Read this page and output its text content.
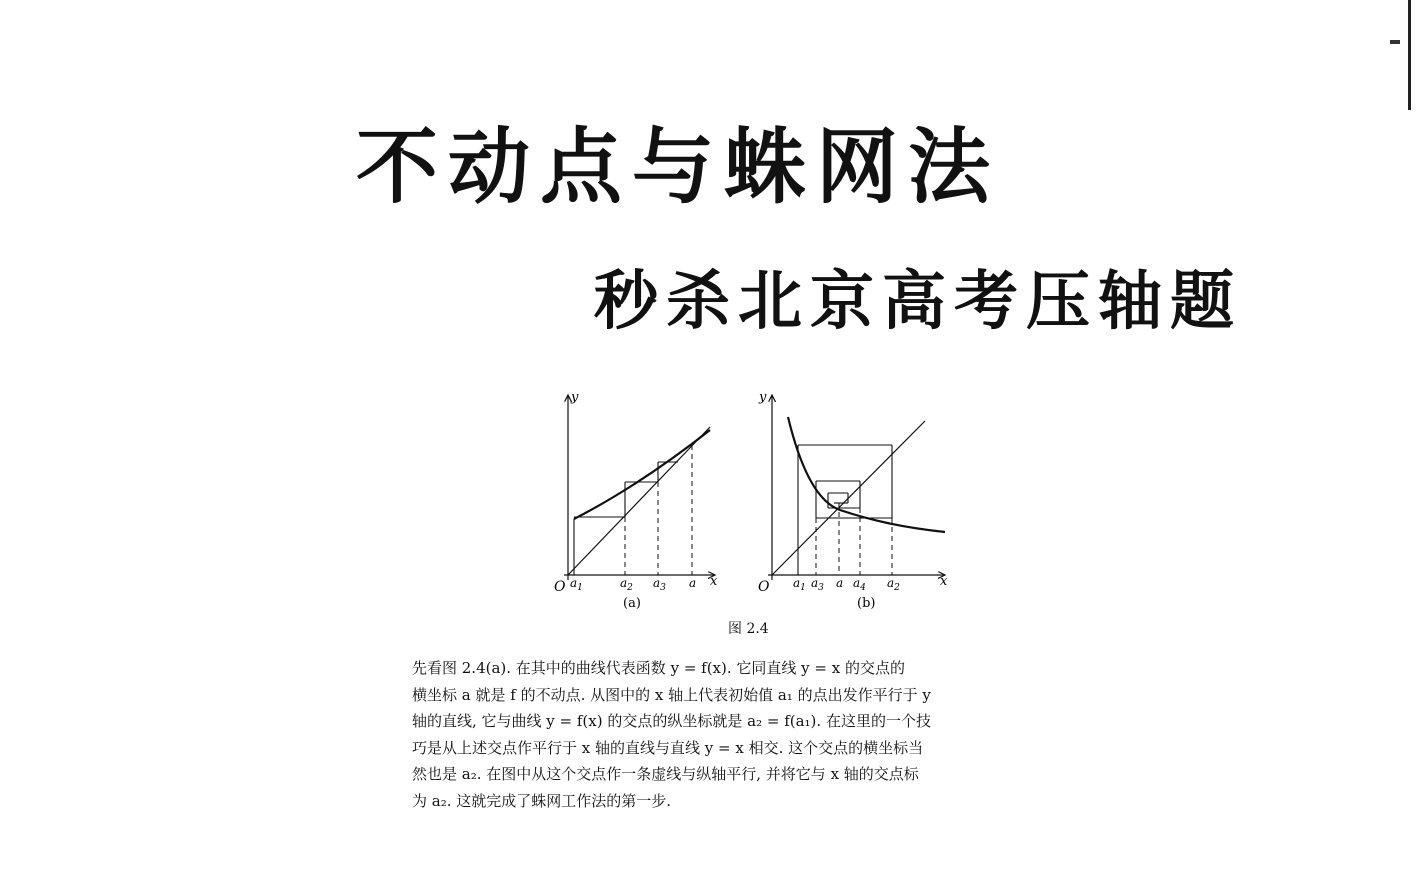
不动点与蛛网法
秒杀北京高考压轴题
y
O	x
$a_1$	$a_2$ $a_3$ a
(a)
y
O	x
$a_1$ $a_3$ a $a_4$ $a_2$
(b)
图 2.4

先看图 2.4(a). 在其中的曲线代表函数 y = f(x). 它同直线 y = x 的交点的

横坐标 a 就是 f 的不动点. 从图中的 x 轴上代表初始值 a₁ 的点出发作平行于 y

轴的直线, 它与曲线 y = f(x) 的交点的纵坐标就是 a₂ = f(a₁). 在这里的一个技

巧是从上述交点作平行于 x 轴的直线与直线 y = x 相交. 这个交点的横坐标当

然也是 a₂. 在图中从这个交点作一条虚线与纵轴平行, 并将它与 x 轴的交点标

为 a₂. 这就完成了蛛网工作法的第一步.
